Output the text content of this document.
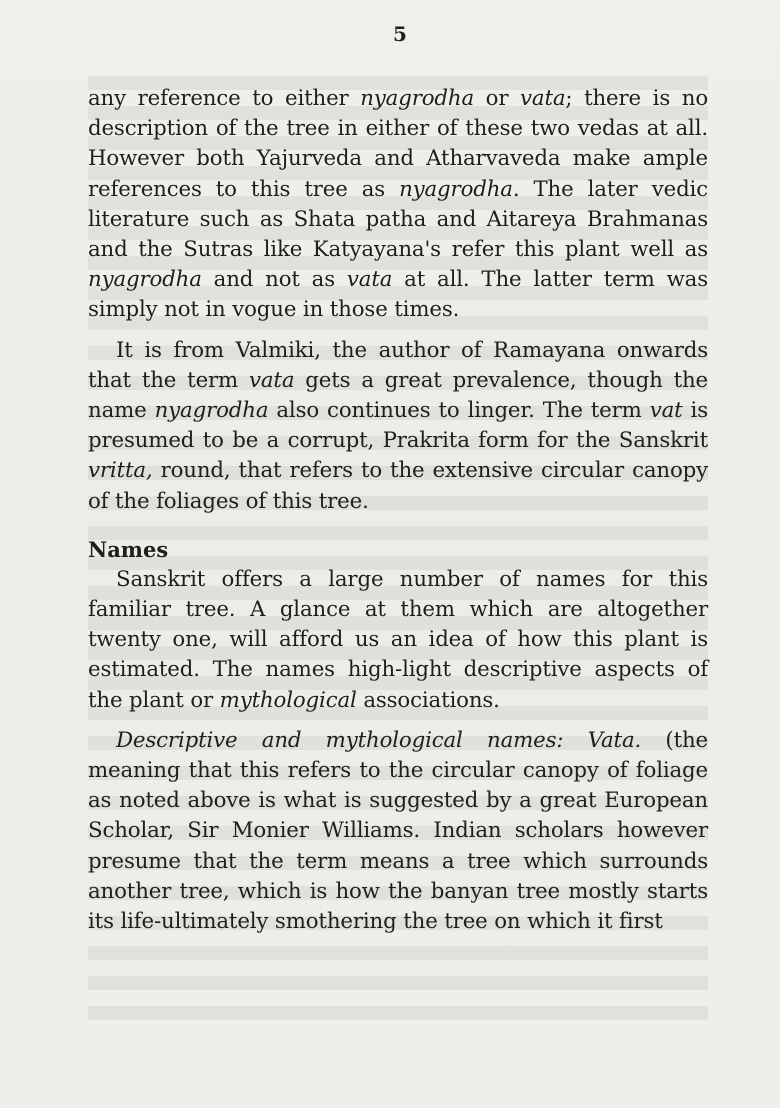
5

any reference to either nyagrodha or vata; there is no description of the tree in either of these two vedas at all. However both Yajurveda and Atharvaveda make ample references to this tree as nyagrodha. The later vedic literature such as Shata patha and Aitareya Brahmanas and the Sutras like Katyayana's refer this plant well as nyagrodha and not as vata at all. The latter term was simply not in vogue in those times.

It is from Valmiki, the author of Ramayana onwards that the term vata gets a great prevalence, though the name nyagrodha also continues to linger. The term vat is presumed to be a corrupt, Prakrita form for the Sanskrit vritta, round, that refers to the extensive circular canopy of the foliages of this tree.

Names

Sanskrit offers a large number of names for this familiar tree. A glance at them which are altogether twenty one, will afford us an idea of how this plant is estimated. The names high-light descriptive aspects of the plant or mythological associations.

Descriptive and mythological names: Vata. (the meaning that this refers to the circular canopy of foliage as noted above is what is suggested by a great European Scholar, Sir Monier Williams. Indian scholars however presume that the term means a tree which surrounds another tree, which is how the banyan tree mostly starts its life-ultimately smothering the tree on which it first
